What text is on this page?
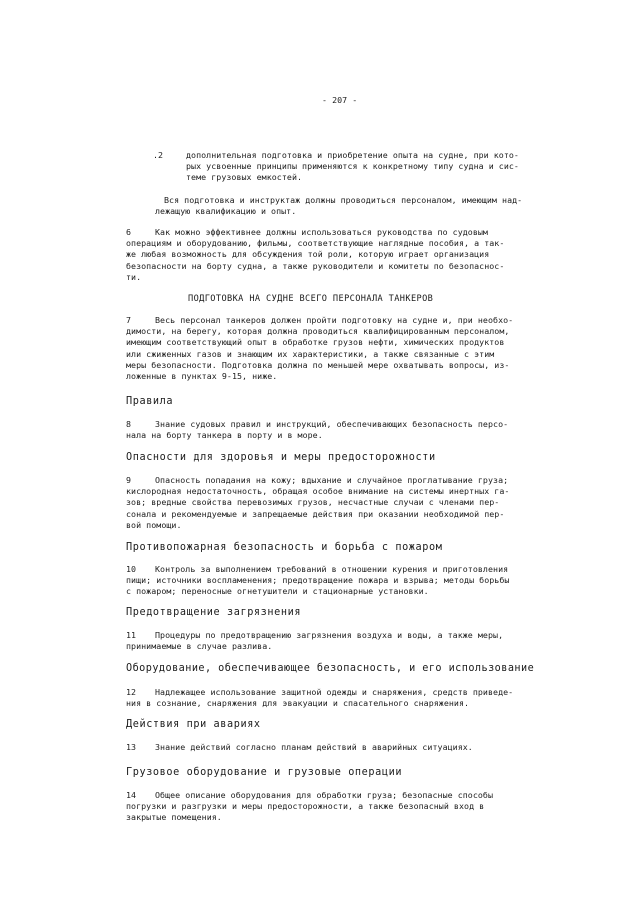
- 207 -
.2	дополнительная подготовка и приобретение опыта на судне, при кото-
рых усвоенные принципы применяются к конкретному типу судна и сис-
теме грузовых емкостей.
Вся подготовка и инструктаж должны проводиться персоналом, имеющим над-
лежащую квалификацию и опыт.
6	Как можно эффективнее должны использоваться руководства по судовым
операциям и оборудованию, фильмы, соответствующие наглядные пособия, а так-
же любая возможность для обсуждения той роли, которую играет организация
безопасности на борту судна, а также руководители и комитеты по безопаснос-
ти.
ПОДГОТОВКА НА СУДНЕ ВСЕГО ПЕРСОНАЛА ТАНКЕРОВ
7	Весь персонал танкеров должен пройти подготовку на судне и, при необхо-
димости, на берегу, которая должна проводиться квалифицированным персоналом,
имеющим соответствующий опыт в обработке грузов нефти, химических продуктов
или сжиженных газов и знающим их характеристики, а также связанные с этим
меры безопасности. Подготовка должна по меньшей мере охватывать вопросы, из-
ложенные в пунктах 9-15, ниже.
Правила
8	Знание судовых правил и инструкций, обеспечивающих безопасность персо-
нала на борту танкера в порту и в море.
Опасности для здоровья и меры предосторожности
9	Опасность попадания на кожу; вдыхание и случайное проглатывание груза;
кислородная недостаточность, обращая особое внимание на системы инертных га-
зов; вредные свойства перевозимых грузов, несчастные случаи с членами пер-
сонала и рекомендуемые и запрещаемые действия при оказании необходимой пер-
вой помощи.
Противопожарная безопасность и борьба с пожаром
10 Контроль за выполнением требований в отношении курения и приготовления
пищи; источники воспламенения; предотвращение пожара и взрыва; методы борьбы
с пожаром; переносные огнетушители и стационарные установки.
Предотвращение загрязнения
11 Процедуры по предотвращению загрязнения воздуха и воды, а также меры,
принимаемые в случае разлива.
Оборудование, обеспечивающее безопасность, и его использование
12 Надлежащее использование защитной одежды и снаряжения, средств приведе-
ния в сознание, снаряжения для эвакуации и спасательного снаряжения.
Действия при авариях
13 Знание действий согласно планам действий в аварийных ситуациях.
Грузовое оборудование и грузовые операции
14 Общее описание оборудования для обработки груза; безопасные способы
погрузки и разгрузки и меры предосторожности, а также безопасный вход в
закрытые помещения.
